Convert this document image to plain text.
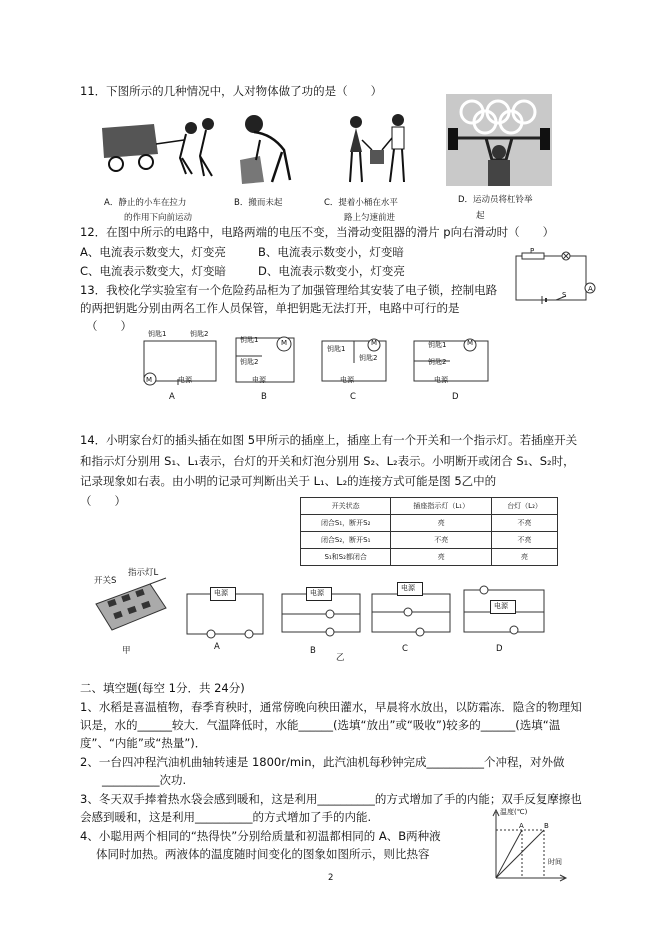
11．下图所示的几种情况中，人对物体做了功的是（　　）
A．静止的小车在拉力
的作用下向前运动
B．搬而未起	C．提着小桶在水平
路上匀速前进
D．运动员将杠铃举
起
12．在图中所示的电路中，电路两端的电压不变，当滑动变阻器的滑片 p向右滑动时（　　）
A、电流表示数变大，灯变亮	B、电流表示数变小，灯变暗
C、电流表示数变大，灯变暗	D、电流表示数变小，灯变亮
P
S
A
13．我校化学实验室有一个危险药品柜为了加强管理给其安装了电子锁，控制电路
的两把钥匙分别由两名工作人员保管，单把钥匙无法打开，电路中可行的是
（　　）
钥匙1	钥匙2
M	电源
A
钥匙1
钥匙2
M
电源
B
钥匙1
钥匙2
M
电源
C
钥匙1
钥匙2
M
电源
D
14．小明家台灯的插头插在如图 5甲所示的插座上，插座上有一个开关和一个指示灯。若插座开关
和指示灯分别用 S₁、L₁表示，台灯的开关和灯泡分别用 S₂、L₂表示。小明断开或闭合 S₁、S₂时，
记录现象如右表。由小明的记录可判断出关于 L₁、L₂的连接方式可能是图 5乙中的
（　　）	开关状态	插座指示灯（L₁）	台灯（L₂）
闭合S₁，断开S₂	亮	不亮
闭合S₂，断开S₁	不亮	不亮
S₁和S₂都闭合	亮	亮
开关S
指示灯L
甲
电源
A
电源
B
电源
C
乙
电源
D
二、填空题(每空 1分．共 24分)
1、水稻是喜温植物，春季育秧时，通常傍晚向秧田灌水，早晨将水放出，以防霜冻．隐含的物理知
识是，水的______较大．气温降低时，水能______(选填“放出”或“吸收”)较多的______(选填“温
度”、“内能”或“热量”)．
2、一台四冲程汽油机曲轴转速是 1800r/min，此汽油机每秒钟完成__________个冲程，对外做
__________次功.
3、冬天双手捧着热水袋会感到暖和，这是利用__________的方式增加了手的内能；双手反复摩擦也
会感到暖和，这是利用__________的方式增加了手的内能.
4、小聪用两个相同的“热得快”分别给质量和初温都相同的 A、B两种液
体同时加热。两液体的温度随时间变化的图象如图所示，则比热容
温度(℃)
时间
A	B
2
